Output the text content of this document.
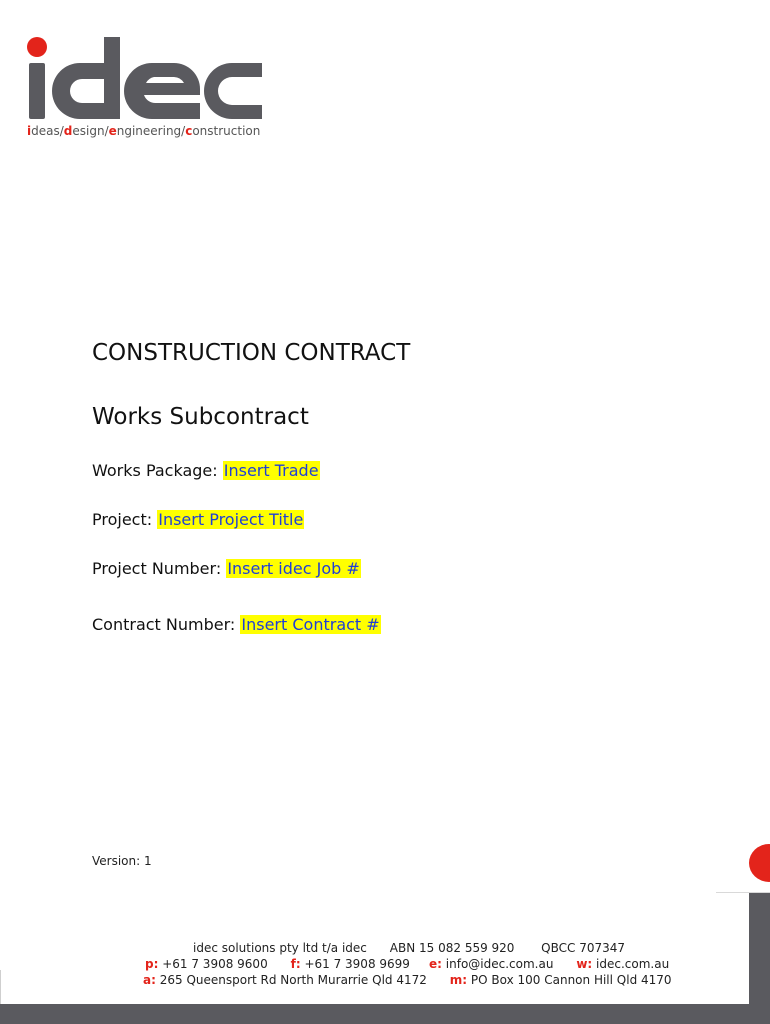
ideas/design/engineering/construction
CONSTRUCTION CONTRACT
Works Subcontract
Works Package: Insert Trade
Project: Insert Project Title
Project Number: Insert idec Job #
Contract Number: Insert Contract #
Version: 1
idec solutions pty ltd t/a idec ABN 15 082 559 920 QBCC 707347
p: +61 7 3908 9600 f: +61 7 3908 9699 e: info@idec.com.au w: idec.com.au
a: 265 Queensport Rd North Murarrie Qld 4172 m: PO Box 100 Cannon Hill Qld 4170
